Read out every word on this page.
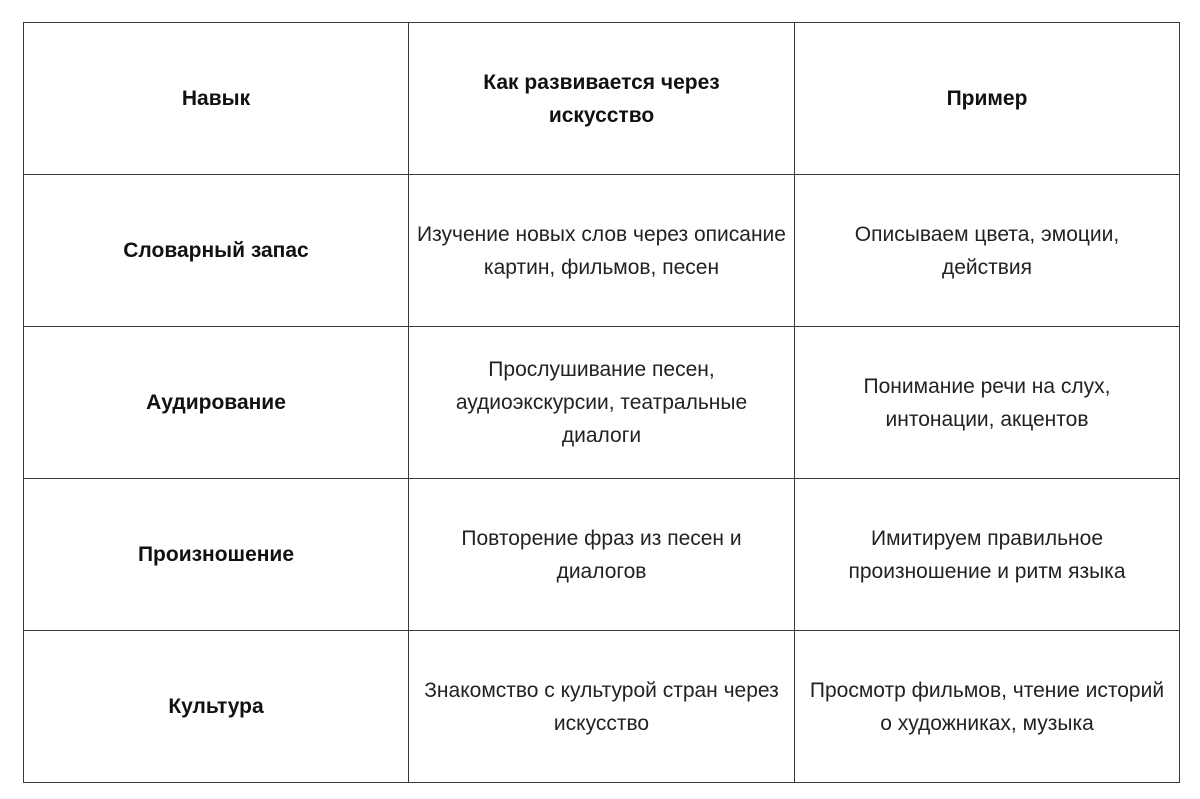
Навык	Как развивается через искусство	Пример
Словарный запас	Изучение новых слов через описание картин, фильмов, песен	Описываем цвета, эмоции, действия
Аудирование	Прослушивание песен, аудиоэкскурсии, театральные диалоги	Понимание речи на слух, интонации, акцентов
Произношение	Повторение фраз из песен и диалогов	Имитируем правильное произношение и ритм языка
Культура	Знакомство с культурой стран через искусство	Просмотр фильмов, чтение историй о художниках, музыка
